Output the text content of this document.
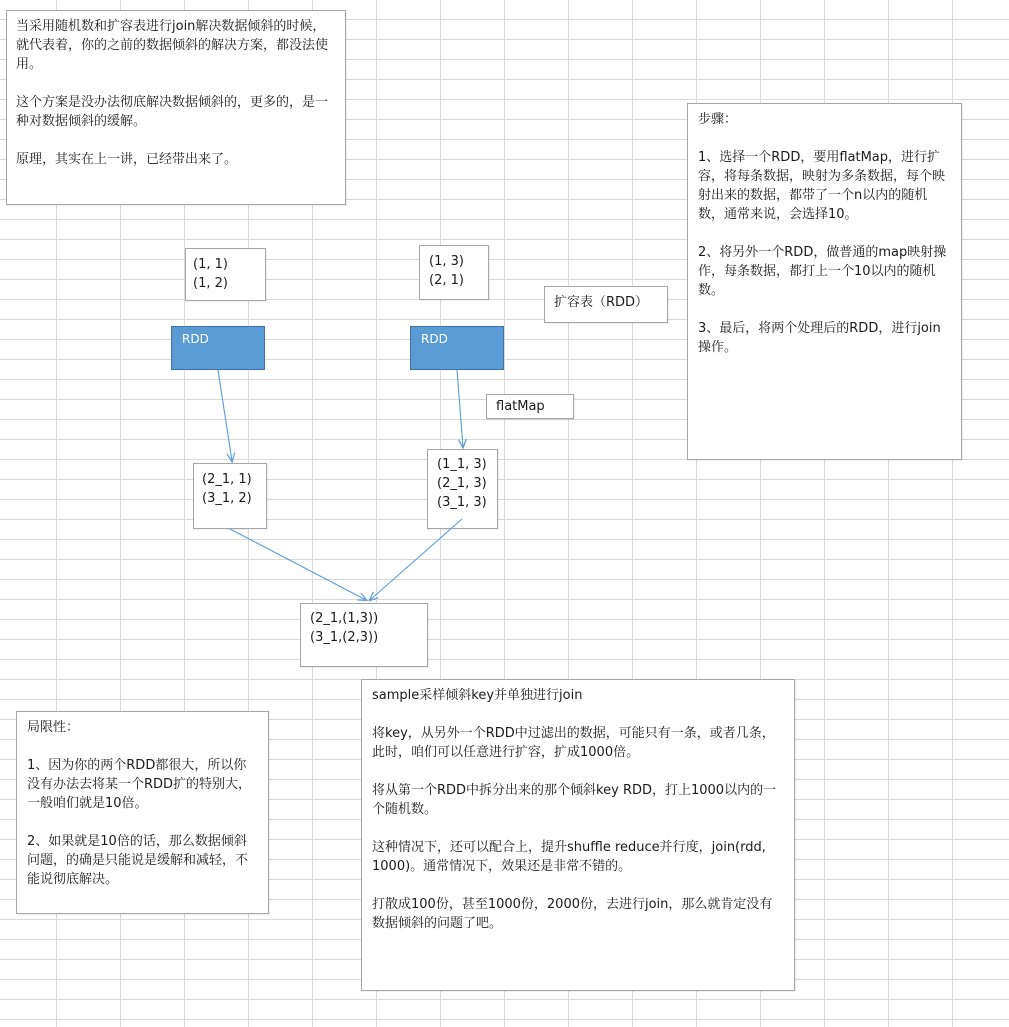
当采用随机数和扩容表进行join解决数据倾斜的时候，就代表着，你的之前的数据倾斜的解决方案，都没法使用。

这个方案是没办法彻底解决数据倾斜的，更多的，是一种对数据倾斜的缓解。

原理，其实在上一讲，已经带出来了。
步骤：

1、选择一个RDD，要用flatMap，进行扩容，将每条数据，映射为多条数据，每个映射出来的数据，都带了一个n以内的随机数，通常来说，会选择10。

2、将另外一个RDD，做普通的map映射操作，每条数据，都打上一个10以内的随机数。

3、最后，将两个处理后的RDD，进行join操作。
局限性：

1、因为你的两个RDD都很大，所以你没有办法去将某一个RDD扩的特别大，一般咱们就是10倍。

2、如果就是10倍的话，那么数据倾斜问题，的确是只能说是缓解和减轻，不能说彻底解决。
sample采样倾斜key并单独进行join

将key，从另外一个RDD中过滤出的数据，可能只有一条，或者几条，此时，咱们可以任意进行扩容，扩成1000倍。

将从第一个RDD中拆分出来的那个倾斜key RDD，打上1000以内的一个随机数。

这种情况下，还可以配合上，提升shuffle reduce并行度，join(rdd, 1000)。通常情况下，效果还是非常不错的。

打散成100份，甚至1000份，2000份，去进行join，那么就肯定没有数据倾斜的问题了吧。
(1, 1)
(1, 2)
(1, 3)
(2, 1)
扩容表（RDD）
RDD	RDD
flatMap
(2_1, 1)
(3_1, 2)
(1_1, 3)
(2_1, 3)
(3_1, 3)
(2_1,(1,3))
(3_1,(2,3))
